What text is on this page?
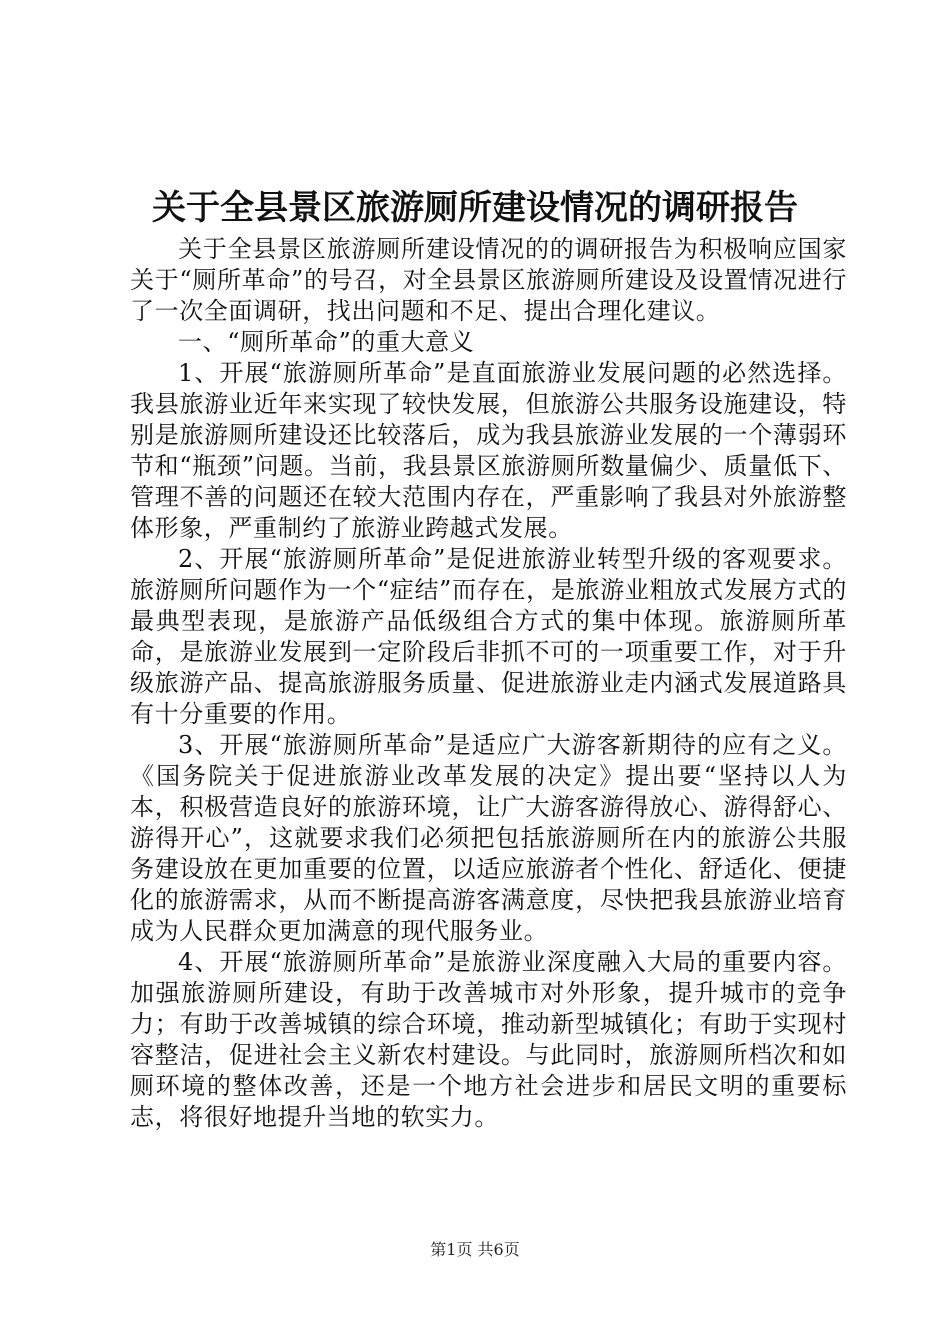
关于全县景区旅游厕所建设情况的调研报告

关于全县景区旅游厕所建设情况的的调研报告为积极响应国家关于“厕所革命”的号召，对全县景区旅游厕所建设及设置情况进行了一次全面调研，找出问题和不足、提出合理化建议。

一、“厕所革命”的重大意义

1、开展“旅游厕所革命”是直面旅游业发展问题的必然选择。我县旅游业近年来实现了较快发展，但旅游公共服务设施建设，特别是旅游厕所建设还比较落后，成为我县旅游业发展的一个薄弱环节和“瓶颈”问题。当前，我县景区旅游厕所数量偏少、质量低下、管理不善的问题还在较大范围内存在，严重影响了我县对外旅游整体形象，严重制约了旅游业跨越式发展。

2、开展“旅游厕所革命”是促进旅游业转型升级的客观要求。旅游厕所问题作为一个“症结”而存在，是旅游业粗放式发展方式的最典型表现，是旅游产品低级组合方式的集中体现。旅游厕所革命，是旅游业发展到一定阶段后非抓不可的一项重要工作，对于升级旅游产品、提高旅游服务质量、促进旅游业走内涵式发展道路具有十分重要的作用。

3、开展“旅游厕所革命”是适应广大游客新期待的应有之义。《国务院关于促进旅游业改革发展的决定》提出要“坚持以人为本，积极营造良好的旅游环境，让广大游客游得放心、游得舒心、游得开心”，这就要求我们必须把包括旅游厕所在内的旅游公共服务建设放在更加重要的位置，以适应旅游者个性化、舒适化、便捷化的旅游需求，从而不断提高游客满意度，尽快把我县旅游业培育成为人民群众更加满意的现代服务业。

4、开展“旅游厕所革命”是旅游业深度融入大局的重要内容。加强旅游厕所建设，有助于改善城市对外形象，提升城市的竞争力；有助于改善城镇的综合环境，推动新型城镇化；有助于实现村容整洁，促进社会主义新农村建设。与此同时，旅游厕所档次和如厕环境的整体改善，还是一个地方社会进步和居民文明的重要标志，将很好地提升当地的软实力。

第1页 共6页
